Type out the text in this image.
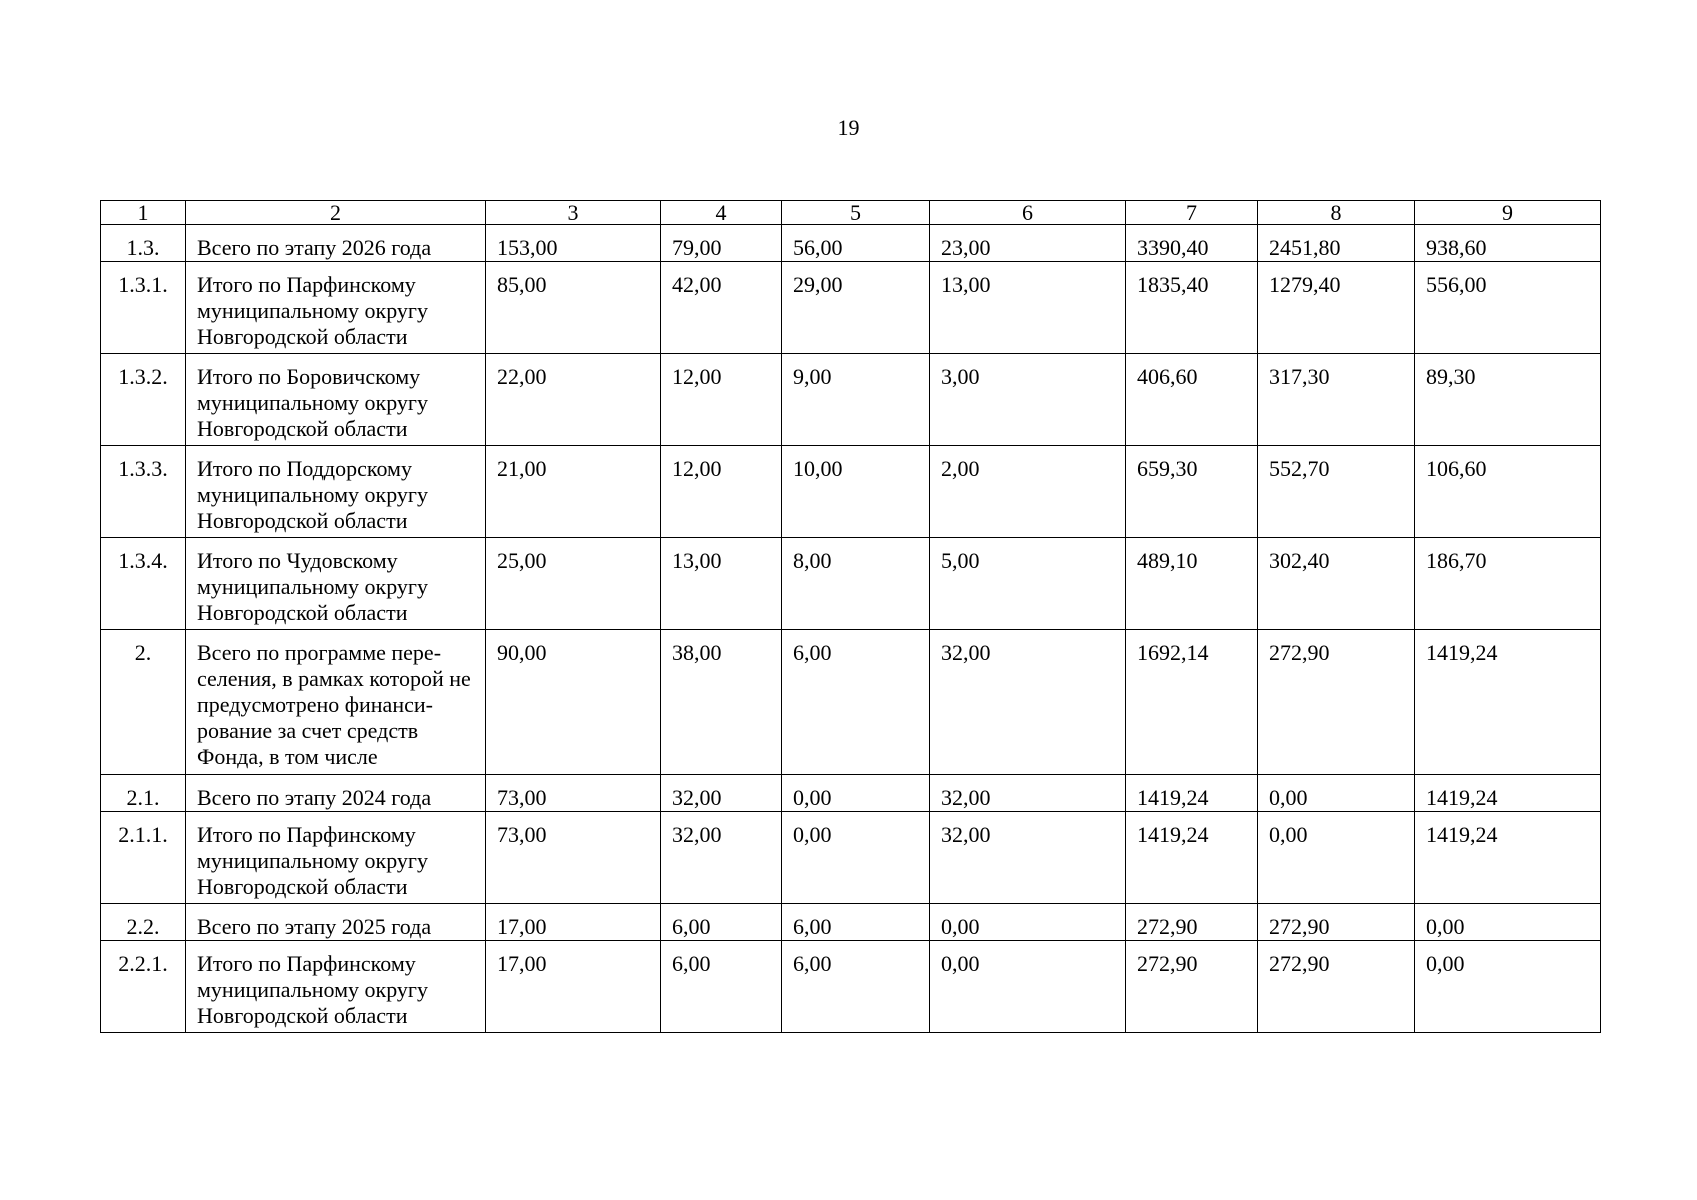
19
1	2	3	4	5	6	7	8	9
1.3.	Всего по этапу 2026 года	153,00	79,00	56,00	23,00	3390,40	2451,80	938,60
1.3.1.	Итого по Парфинскому муниципальному округу Новгородской области	85,00	42,00	29,00	13,00	1835,40	1279,40	556,00
1.3.2.	Итого по Боровичскому муниципальному округу Новгородской области	22,00	12,00	9,00	3,00	406,60	317,30	89,30
1.3.3.	Итого по Поддорскому муниципальному округу Новгородской области	21,00	12,00	10,00	2,00	659,30	552,70	106,60
1.3.4.	Итого по Чудовскому муниципальному округу Новгородской области	25,00	13,00	8,00	5,00	489,10	302,40	186,70
2.	Всего по программе пере-селения, в рамках которой не предусмотрено финанси-рование за счет средств Фонда, в том числе	90,00	38,00	6,00	32,00	1692,14	272,90	1419,24
2.1.	Всего по этапу 2024 года	73,00	32,00	0,00	32,00	1419,24	0,00	1419,24
2.1.1.	Итого по Парфинскому муниципальному округу Новгородской области	73,00	32,00	0,00	32,00	1419,24	0,00	1419,24
2.2.	Всего по этапу 2025 года	17,00	6,00	6,00	0,00	272,90	272,90	0,00
2.2.1.	Итого по Парфинскому муниципальному округу Новгородской области	17,00	6,00	6,00	0,00	272,90	272,90	0,00
